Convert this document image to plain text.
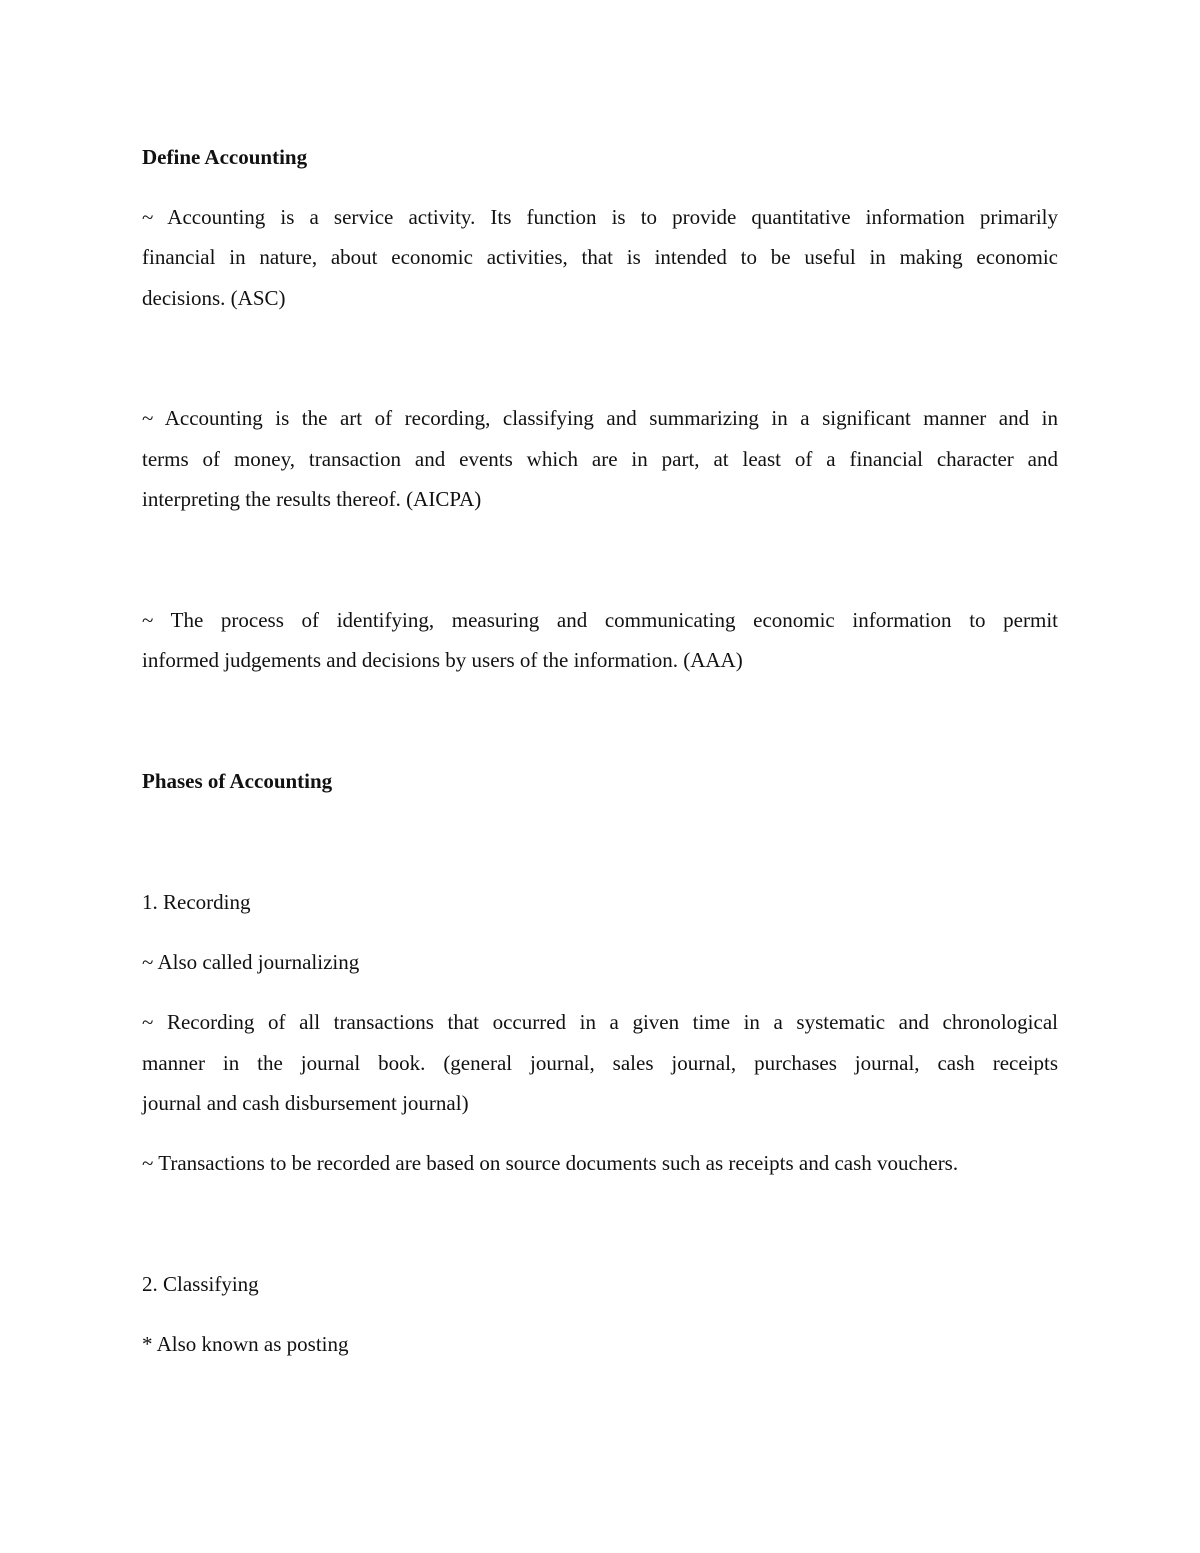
Define Accounting
~ Accounting is a service activity. Its function is to provide quantitative information primarily
financial in nature, about economic activities, that is intended to be useful in making economic
decisions. (ASC)
~ Accounting is the art of recording, classifying and summarizing in a significant manner and in
terms of money, transaction and events which are in part, at least of a financial character and
interpreting the results thereof. (AICPA)
~ The process of identifying, measuring and communicating economic information to permit
informed judgements and decisions by users of the information. (AAA)
Phases of Accounting
1. Recording
~ Also called journalizing
~ Recording of all transactions that occurred in a given time in a systematic and chronological
manner in the journal book. (general journal, sales journal, purchases journal, cash receipts
journal and cash disbursement journal)
~ Transactions to be recorded are based on source documents such as receipts and cash vouchers.
2. Classifying
* Also known as posting
